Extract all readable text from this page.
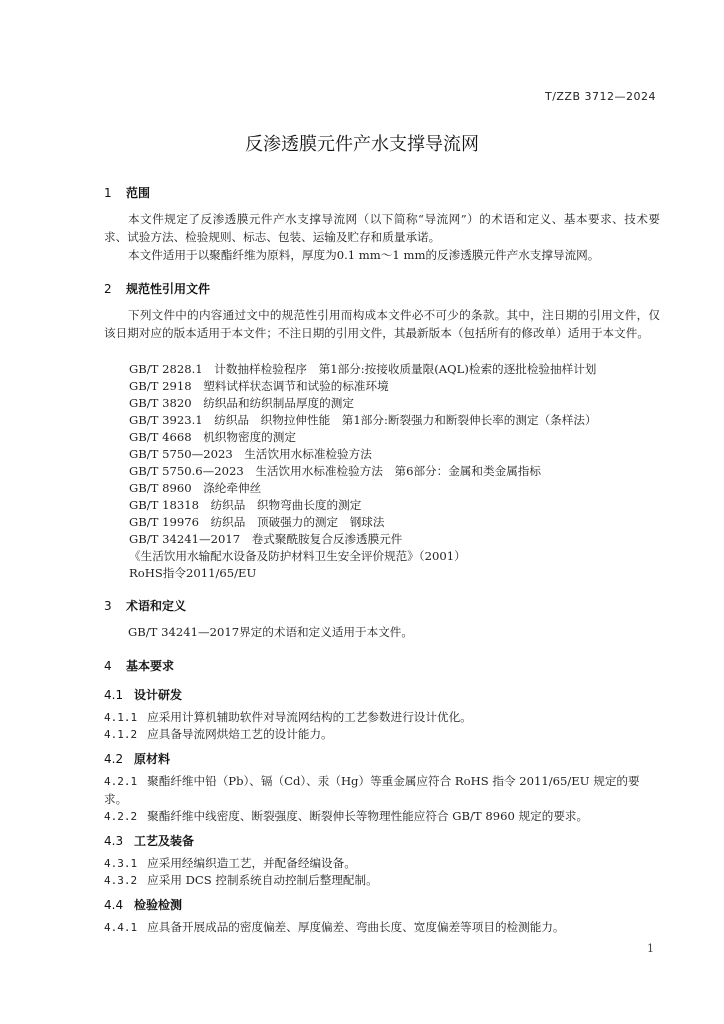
T/ZZB 3712—2024
反渗透膜元件产水支撑导流网
1 范围
本文件规定了反渗透膜元件产水支撑导流网（以下简称“导流网”）的术语和定义、基本要求、技术要求、试验方法、检验规则、标志、包装、运输及贮存和质量承诺。
本文件适用于以聚酯纤维为原料，厚度为0.1 mm～1 mm的反渗透膜元件产水支撑导流网。
2 规范性引用文件
下列文件中的内容通过文中的规范性引用而构成本文件必不可少的条款。其中，注日期的引用文件，仅该日期对应的版本适用于本文件；不注日期的引用文件，其最新版本（包括所有的修改单）适用于本文件。
GB/T 2828.1　计数抽样检验程序　第1部分:按接收质量限(AQL)检索的逐批检验抽样计划
GB/T 2918　塑料试样状态调节和试验的标准环境
GB/T 3820　纺织品和纺织制品厚度的测定
GB/T 3923.1　纺织品　织物拉伸性能　第1部分:断裂强力和断裂伸长率的测定（条样法）
GB/T 4668　机织物密度的测定
GB/T 5750—2023　生活饮用水标准检验方法
GB/T 5750.6—2023　生活饮用水标准检验方法　第6部分：金属和类金属指标
GB/T 8960　涤纶牵伸丝
GB/T 18318　纺织品　织物弯曲长度的测定
GB/T 19976　纺织品　顶破强力的测定　钢球法
GB/T 34241—2017　卷式聚酰胺复合反渗透膜元件
《生活饮用水输配水设备及防护材料卫生安全评价规范》（2001）
RoHS指令2011/65/EU
3 术语和定义
GB/T 34241—2017界定的术语和定义适用于本文件。
4 基本要求
4.1 设计研发
4.1.1 应采用计算机辅助软件对导流网结构的工艺参数进行设计优化。
4.1.2 应具备导流网烘焙工艺的设计能力。
4.2 原材料
4.2.1 聚酯纤维中铅（Pb）、镉（Cd）、汞（Hg）等重金属应符合 RoHS 指令 2011/65/EU 规定的要求。
4.2.2 聚酯纤维中线密度、断裂强度、断裂伸长等物理性能应符合 GB/T 8960 规定的要求。
4.3 工艺及装备
4.3.1 应采用经编织造工艺，并配备经编设备。
4.3.2 应采用 DCS 控制系统自动控制后整理配制。
4.4 检验检测
4.4.1 应具备开展成品的密度偏差、厚度偏差、弯曲长度、宽度偏差等项目的检测能力。
1
